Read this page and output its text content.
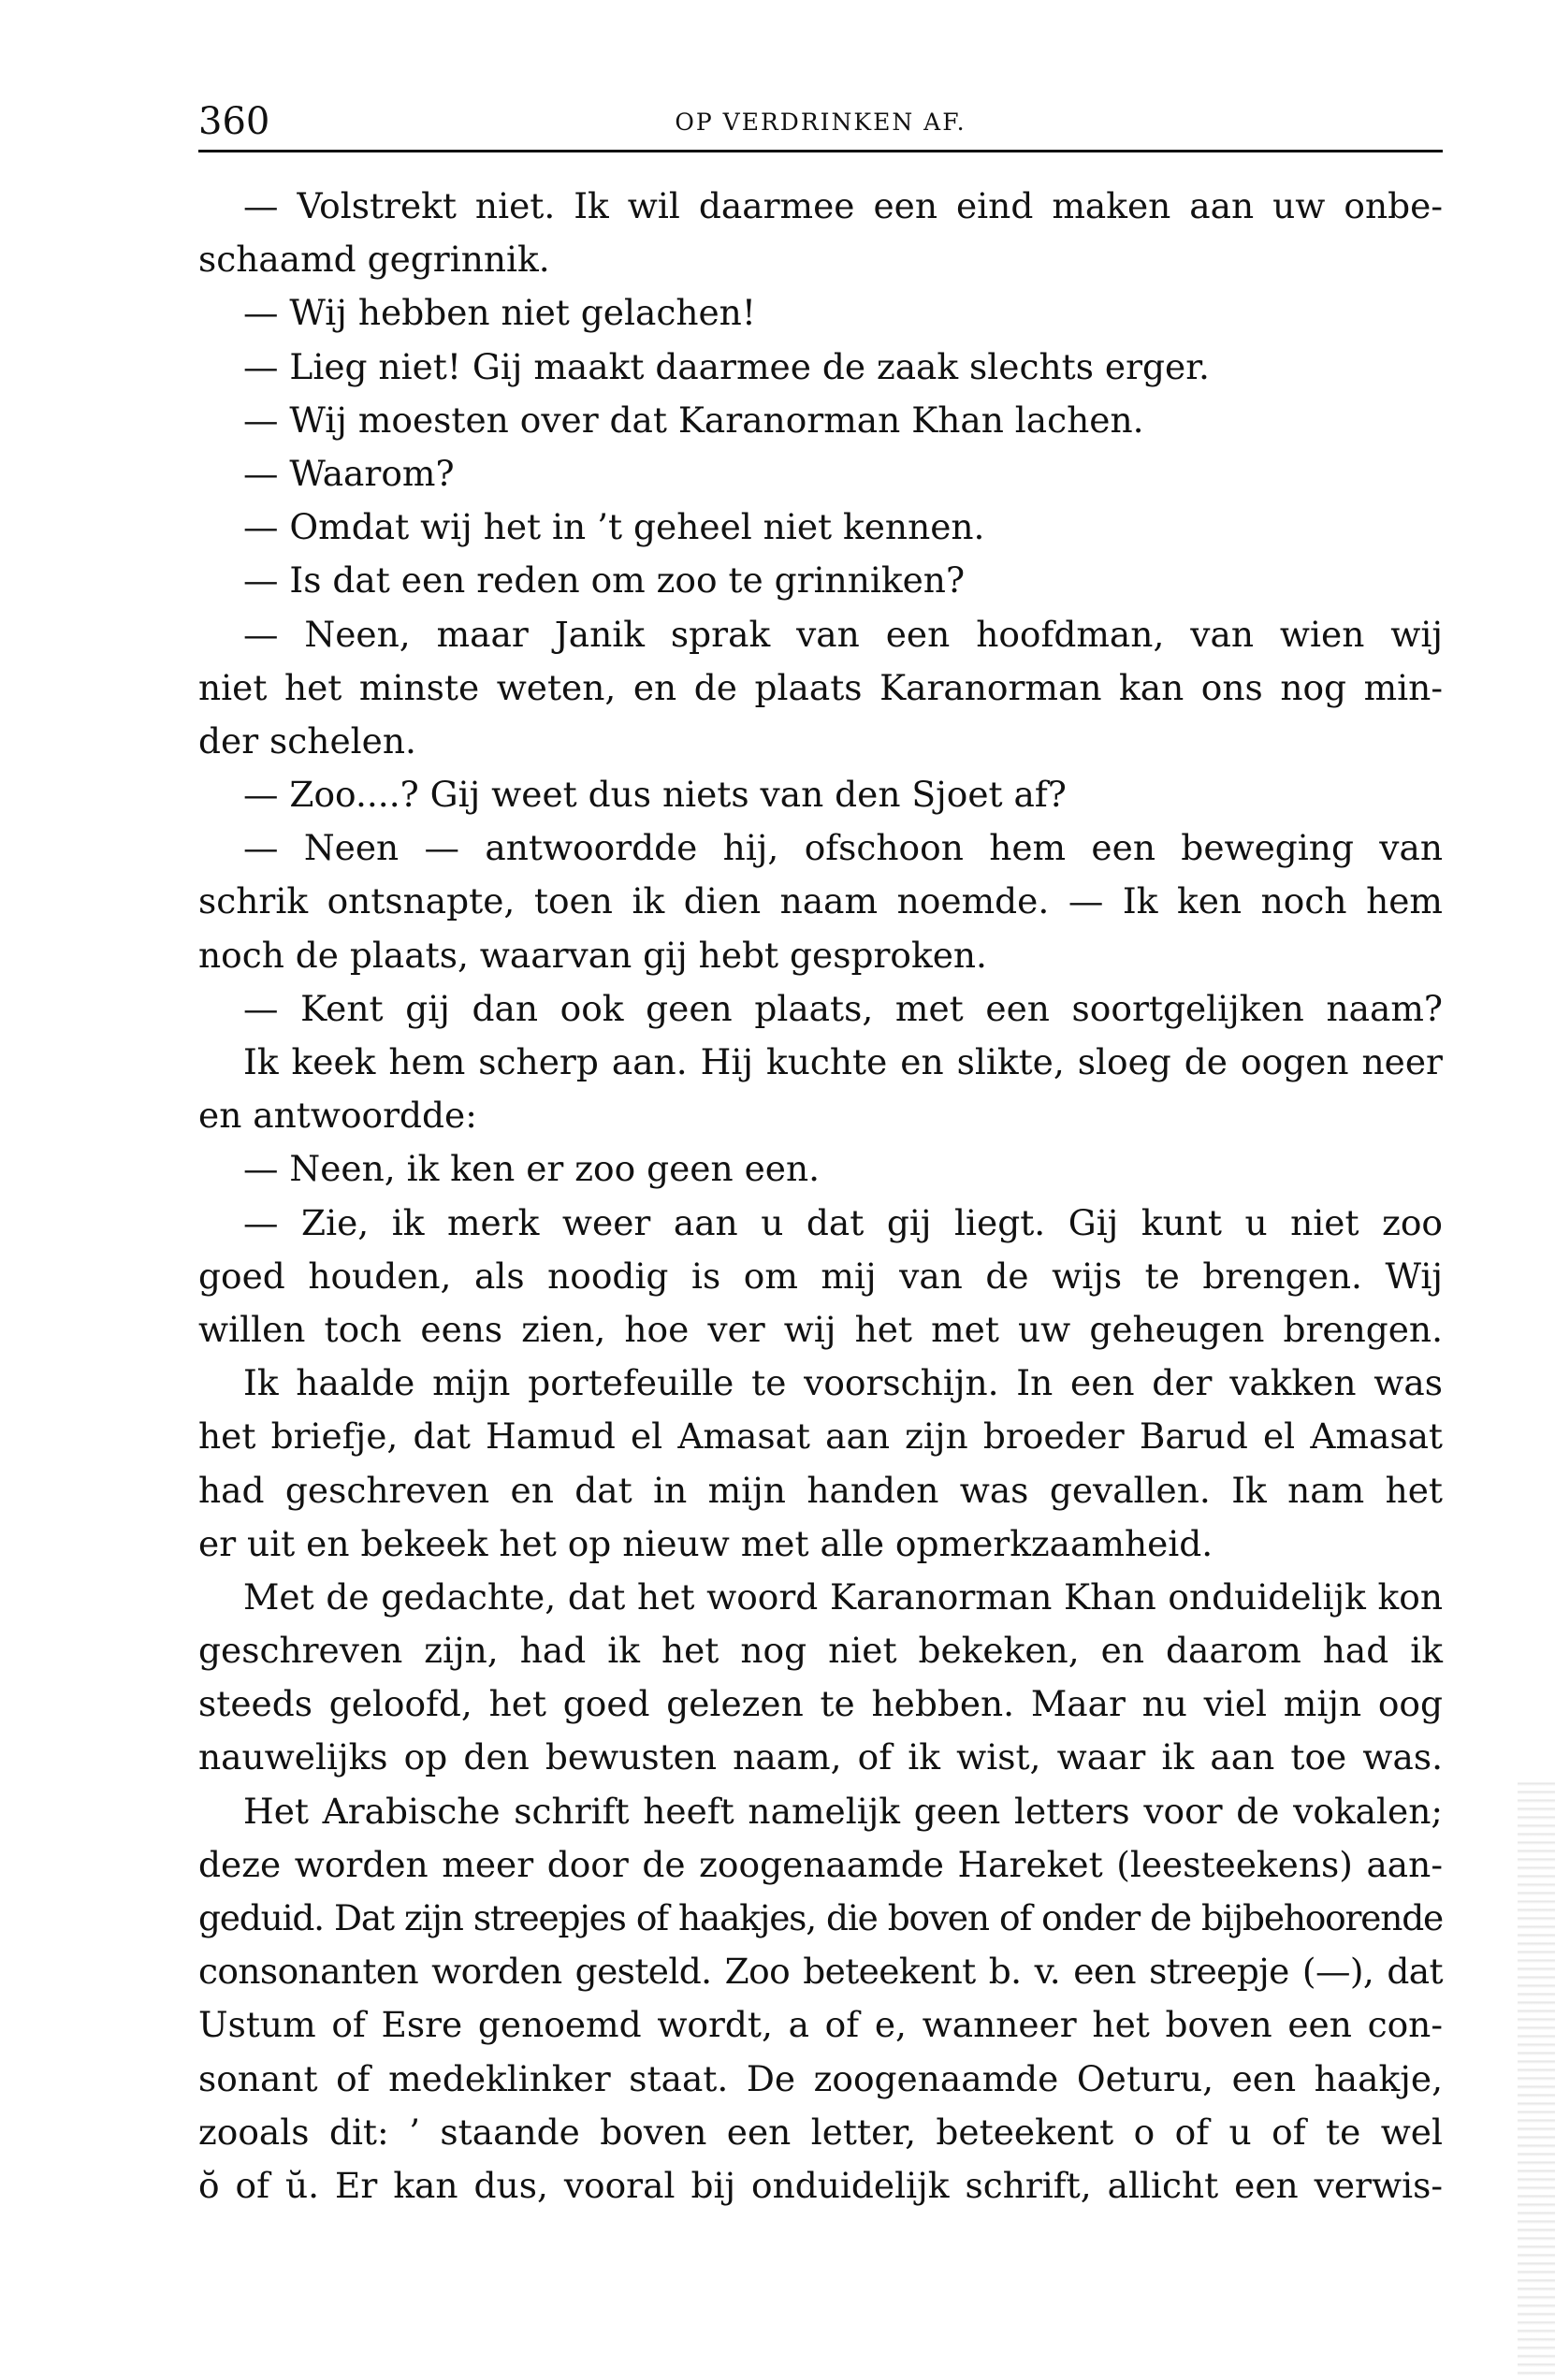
360	OP VERDRINKEN AF.
— Volstrekt niet. Ik wil daarmee een eind maken aan uw onbe-
schaamd gegrinnik.
— Wij hebben niet gelachen!
— Lieg niet! Gij maakt daarmee de zaak slechts erger.
— Wij moesten over dat Karanorman Khan lachen.
— Waarom?
— Omdat wij het in ’t geheel niet kennen.
— Is dat een reden om zoo te grinniken?
— Neen, maar Janik sprak van een hoofdman, van wien wij
niet het minste weten, en de plaats Karanorman kan ons nog min-
der schelen.
— Zoo....? Gij weet dus niets van den Sjoet af?
— Neen — antwoordde hij, ofschoon hem een beweging van
schrik ontsnapte, toen ik dien naam noemde. — Ik ken noch hem
noch de plaats, waarvan gij hebt gesproken.
— Kent gij dan ook geen plaats, met een soortgelijken naam?
Ik keek hem scherp aan. Hij kuchte en slikte, sloeg de oogen neer
en antwoordde:
— Neen, ik ken er zoo geen een.
— Zie, ik merk weer aan u dat gij liegt. Gij kunt u niet zoo
goed houden, als noodig is om mij van de wijs te brengen. Wij
willen toch eens zien, hoe ver wij het met uw geheugen brengen.
Ik haalde mijn portefeuille te voorschijn. In een der vakken was
het briefje, dat Hamud el Amasat aan zijn broeder Barud el Amasat
had geschreven en dat in mijn handen was gevallen. Ik nam het
er uit en bekeek het op nieuw met alle opmerkzaamheid.
Met de gedachte, dat het woord Karanorman Khan onduidelijk kon
geschreven zijn, had ik het nog niet bekeken, en daarom had ik
steeds geloofd, het goed gelezen te hebben. Maar nu viel mijn oog
nauwelijks op den bewusten naam, of ik wist, waar ik aan toe was.
Het Arabische schrift heeft namelijk geen letters voor de vokalen;
deze worden meer door de zoogenaamde Hareket (leesteekens) aan-
geduid. Dat zijn streepjes of haakjes, die boven of onder de bijbehoorende
consonanten worden gesteld. Zoo beteekent b. v. een streepje (—), dat
Ustum of Esre genoemd wordt, a of e, wanneer het boven een con-
sonant of medeklinker staat. De zoogenaamde Oeturu, een haakje,
zooals dit: ’ staande boven een letter, beteekent o of u of te wel
ŏ of ŭ. Er kan dus, vooral bij onduidelijk schrift, allicht een verwis-
